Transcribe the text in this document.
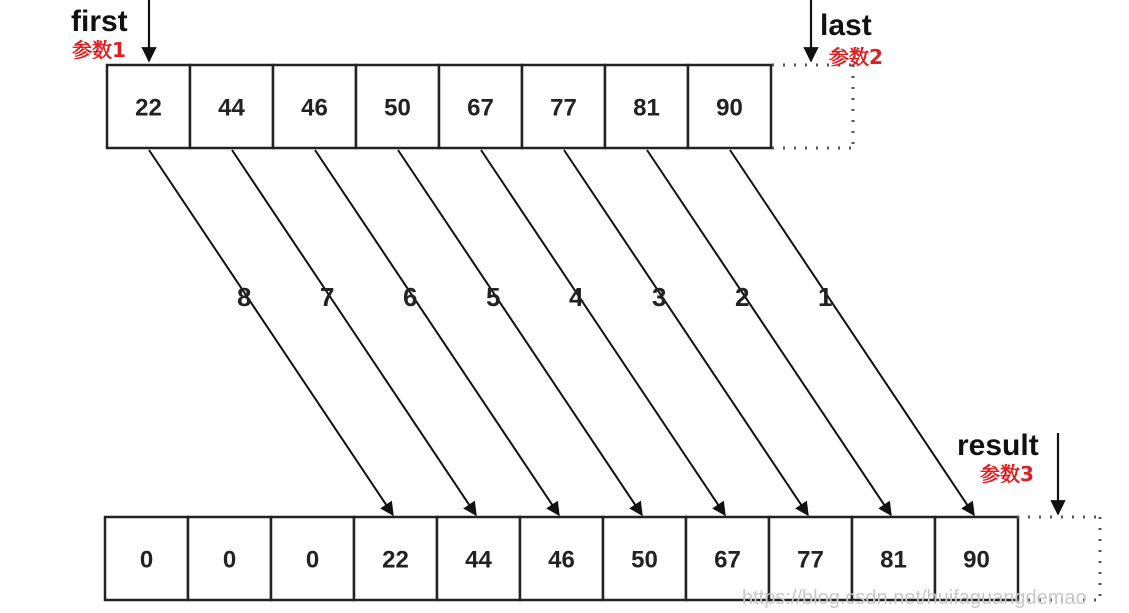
22 44 46 50 67 77 81 90
0	0	0	22 44 46 50 67 77 81 90
8	7	6	5	4	3	2	1
first
参数1
last
参数2
result
参数3
https://blog.csdn.net/huifaguangdemao
